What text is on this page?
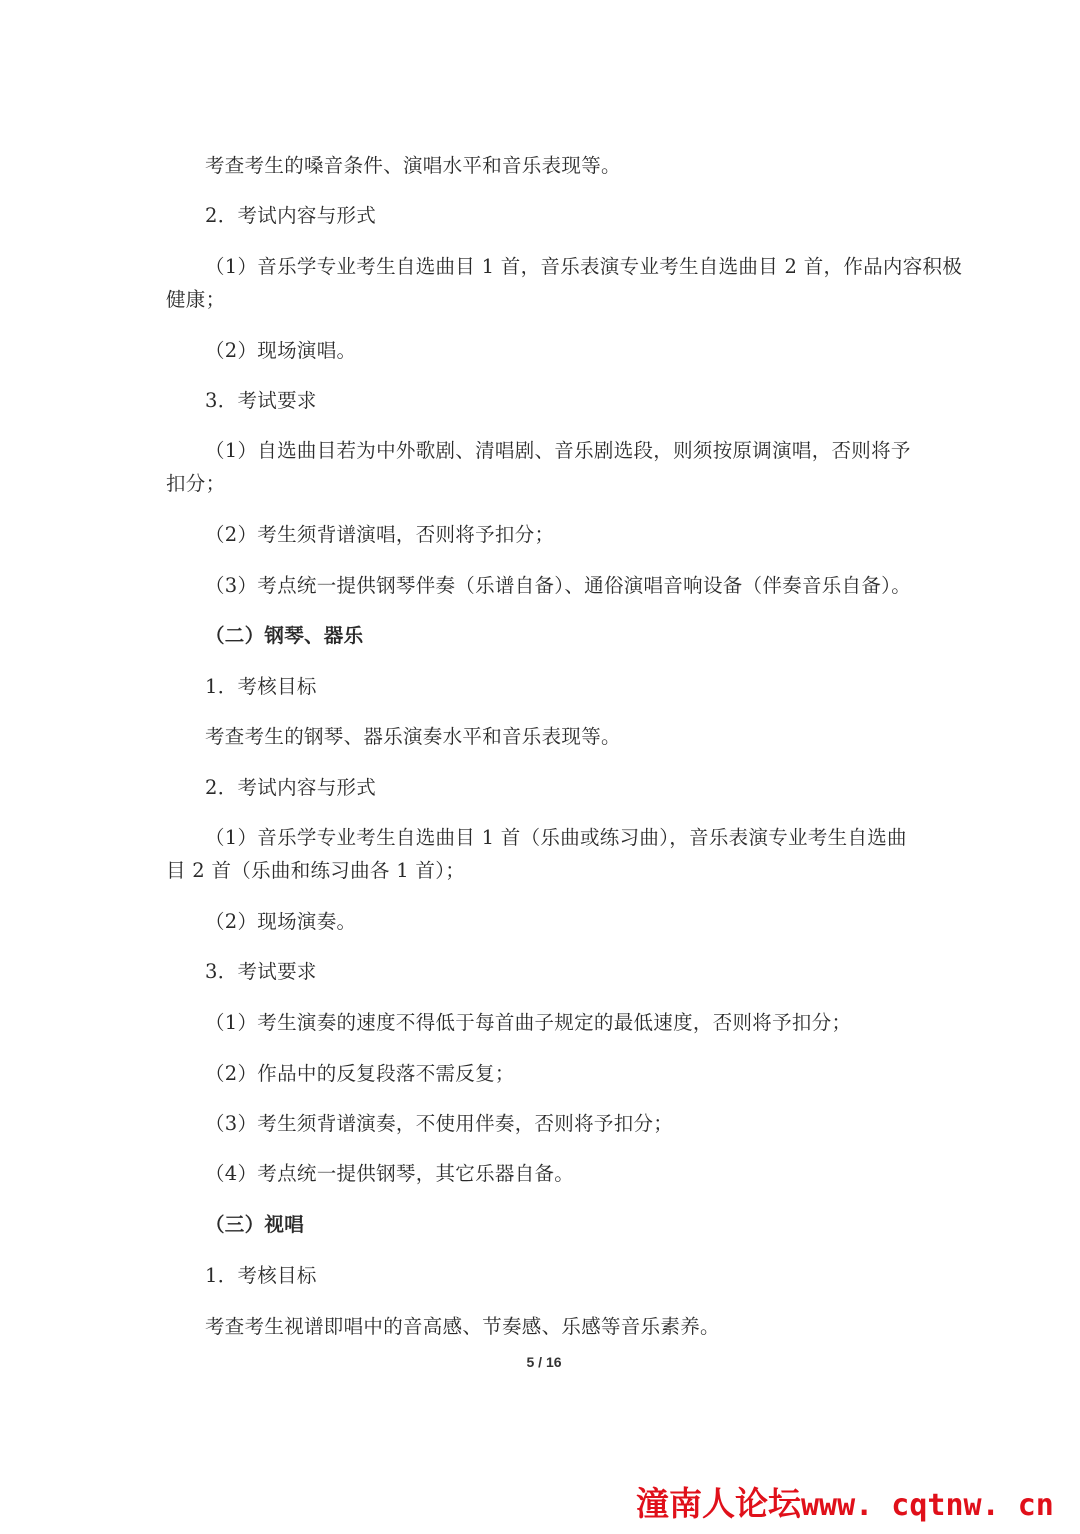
考查考生的嗓音条件、演唱水平和音乐表现等。
2．考试内容与形式
（1）音乐学专业考生自选曲目 1 首，音乐表演专业考生自选曲目 2 首，作品内容积极
健康；
（2）现场演唱。
3．考试要求
（1）自选曲目若为中外歌剧、清唱剧、音乐剧选段，则须按原调演唱，否则将予
扣分；
（2）考生须背谱演唱，否则将予扣分；
（3）考点统一提供钢琴伴奏（乐谱自备）、通俗演唱音响设备（伴奏音乐自备）。
（二）钢琴、器乐
1．考核目标
考查考生的钢琴、器乐演奏水平和音乐表现等。
2．考试内容与形式
（1）音乐学专业考生自选曲目 1 首（乐曲或练习曲），音乐表演专业考生自选曲
目 2 首（乐曲和练习曲各 1 首）；
（2）现场演奏。
3．考试要求
（1）考生演奏的速度不得低于每首曲子规定的最低速度，否则将予扣分；
（2）作品中的反复段落不需反复；
（3）考生须背谱演奏，不使用伴奏，否则将予扣分；
（4）考点统一提供钢琴，其它乐器自备。
（三）视唱
1．考核目标
考查考生视谱即唱中的音高感、节奏感、乐感等音乐素养。
5 / 16
潼南人论坛www. cqtnw. cn
